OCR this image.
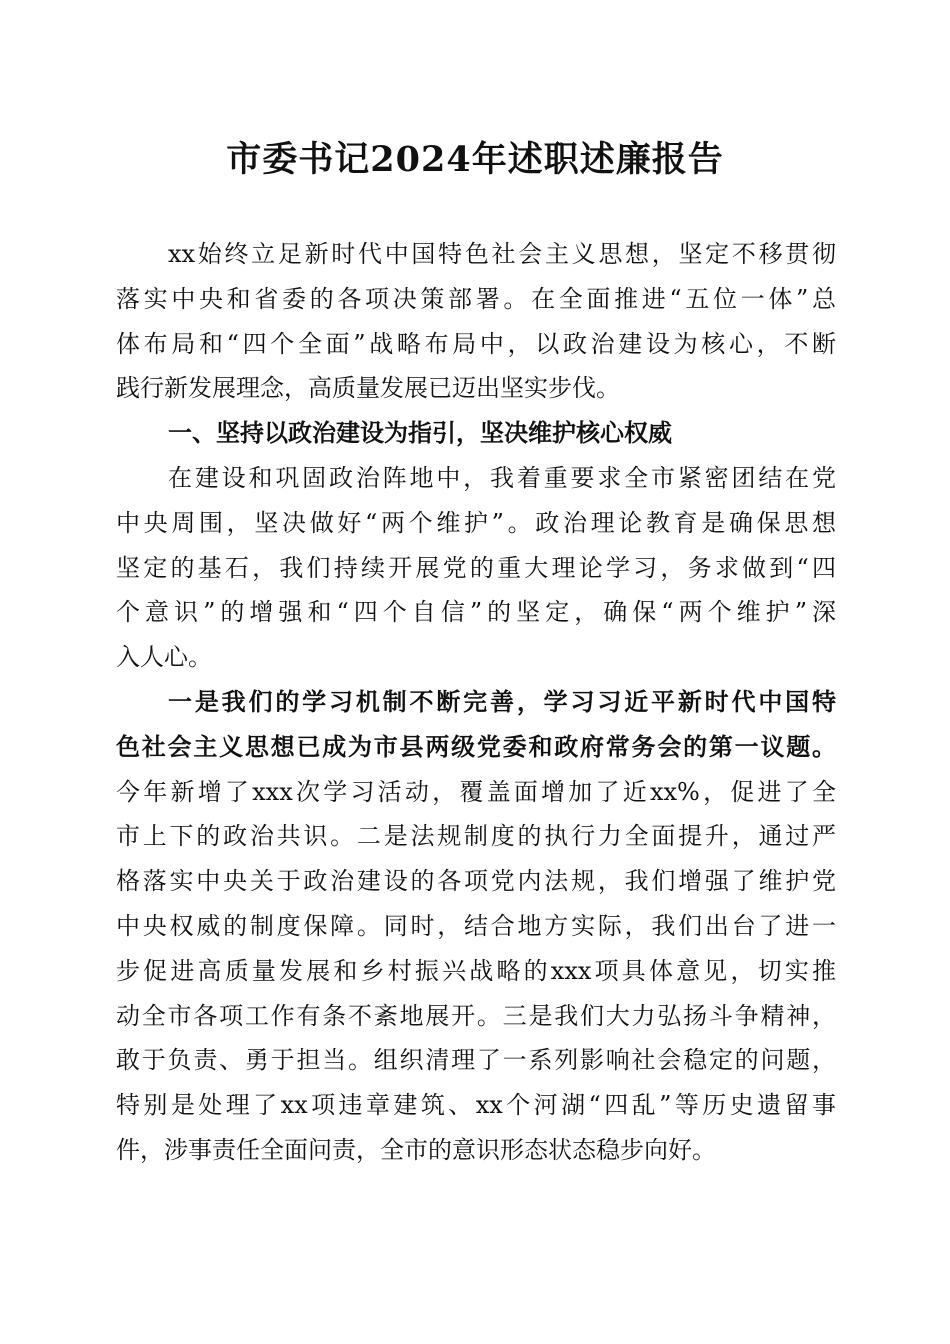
市委书记2024年述职述廉报告
xx始终立足新时代中国特色社会主义思想，坚定不移贯彻
落实中央和省委的各项决策部署。在全面推进“五位一体”总
体布局和“四个全面”战略布局中，以政治建设为核心，不断
践行新发展理念，高质量发展已迈出坚实步伐。
一、坚持以政治建设为指引，坚决维护核心权威
在建设和巩固政治阵地中，我着重要求全市紧密团结在党
中央周围，坚决做好“两个维护”。政治理论教育是确保思想
坚定的基石，我们持续开展党的重大理论学习，务求做到“四
个意识”的增强和“四个自信”的坚定，确保“两个维护”深
入人心。
一是我们的学习机制不断完善，学习习近平新时代中国特
色社会主义思想已成为市县两级党委和政府常务会的第一议题。
今年新增了xxx次学习活动，覆盖面增加了近xx%，促进了全
市上下的政治共识。二是法规制度的执行力全面提升，通过严
格落实中央关于政治建设的各项党内法规，我们增强了维护党
中央权威的制度保障。同时，结合地方实际，我们出台了进一
步促进高质量发展和乡村振兴战略的xxx项具体意见，切实推
动全市各项工作有条不紊地展开。三是我们大力弘扬斗争精神，
敢于负责、勇于担当。组织清理了一系列影响社会稳定的问题，
特别是处理了xx项违章建筑、xx个河湖“四乱”等历史遗留事
件，涉事责任全面问责，全市的意识形态状态稳步向好。
